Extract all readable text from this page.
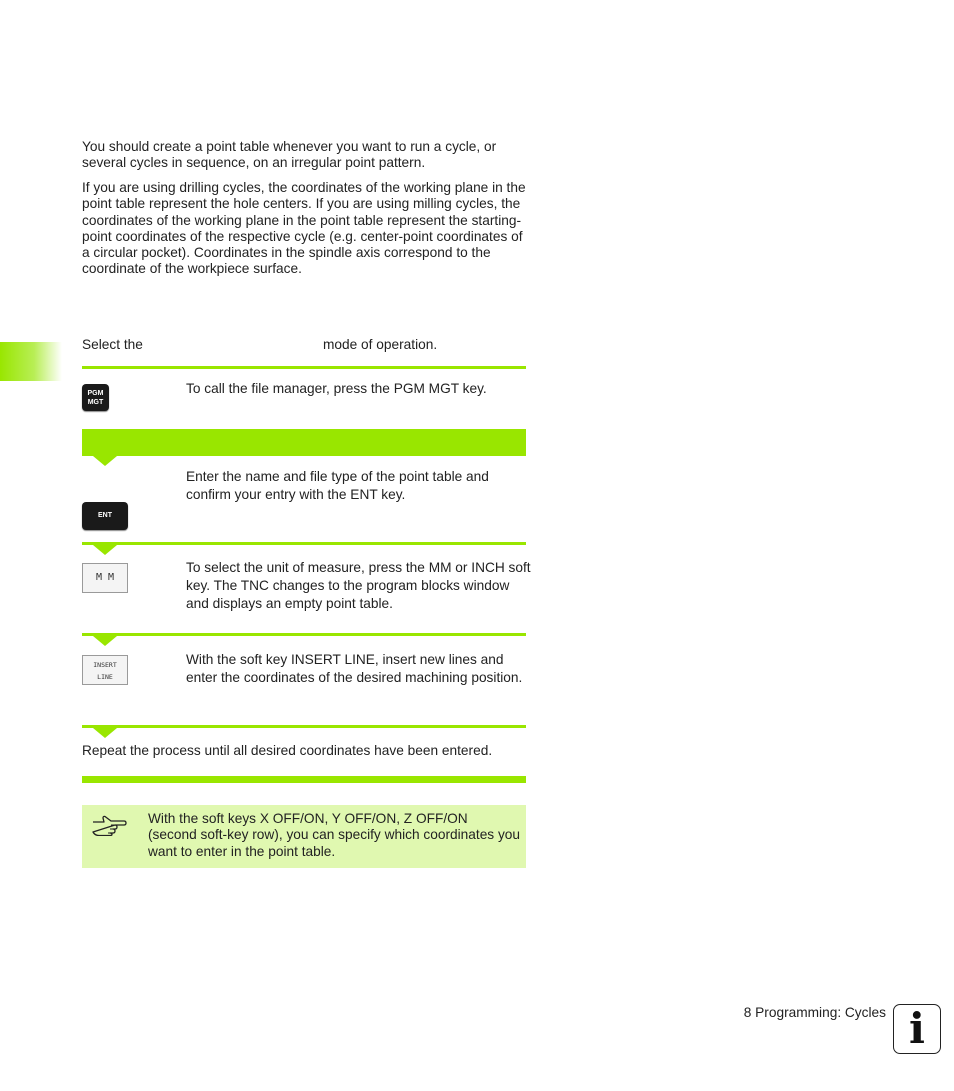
You should create a point table whenever you want to run a cycle, or several cycles in sequence, on an irregular point pattern.

If you are using drilling cycles, the coordinates of the working plane in the point table represent the hole centers. If you are using milling cycles, the coordinates of the working plane in the point table represent the starting-point coordinates of the respective cycle (e.g. center-point coordinates of a circular pocket). Coordinates in the spindle axis correspond to the coordinate of the workpiece surface.

Select the	mode of operation.
PGM
MGT

To call the file manager, press the PGM MGT key.

ENT

Enter the name and file type of the point table and confirm your entry with the ENT key.

M M

To select the unit of measure, press the MM or INCH soft key. The TNC changes to the program blocks window and displays an empty point table.

INSERT
LINE

With the soft key INSERT LINE, insert new lines and enter the coordinates of the desired machining position.

Repeat the process until all desired coordinates have been entered.

With the soft keys X OFF/ON, Y OFF/ON, Z OFF/ON (second soft-key row), you can specify which coordinates you want to enter in the point table.

8 Programming: Cycles i
